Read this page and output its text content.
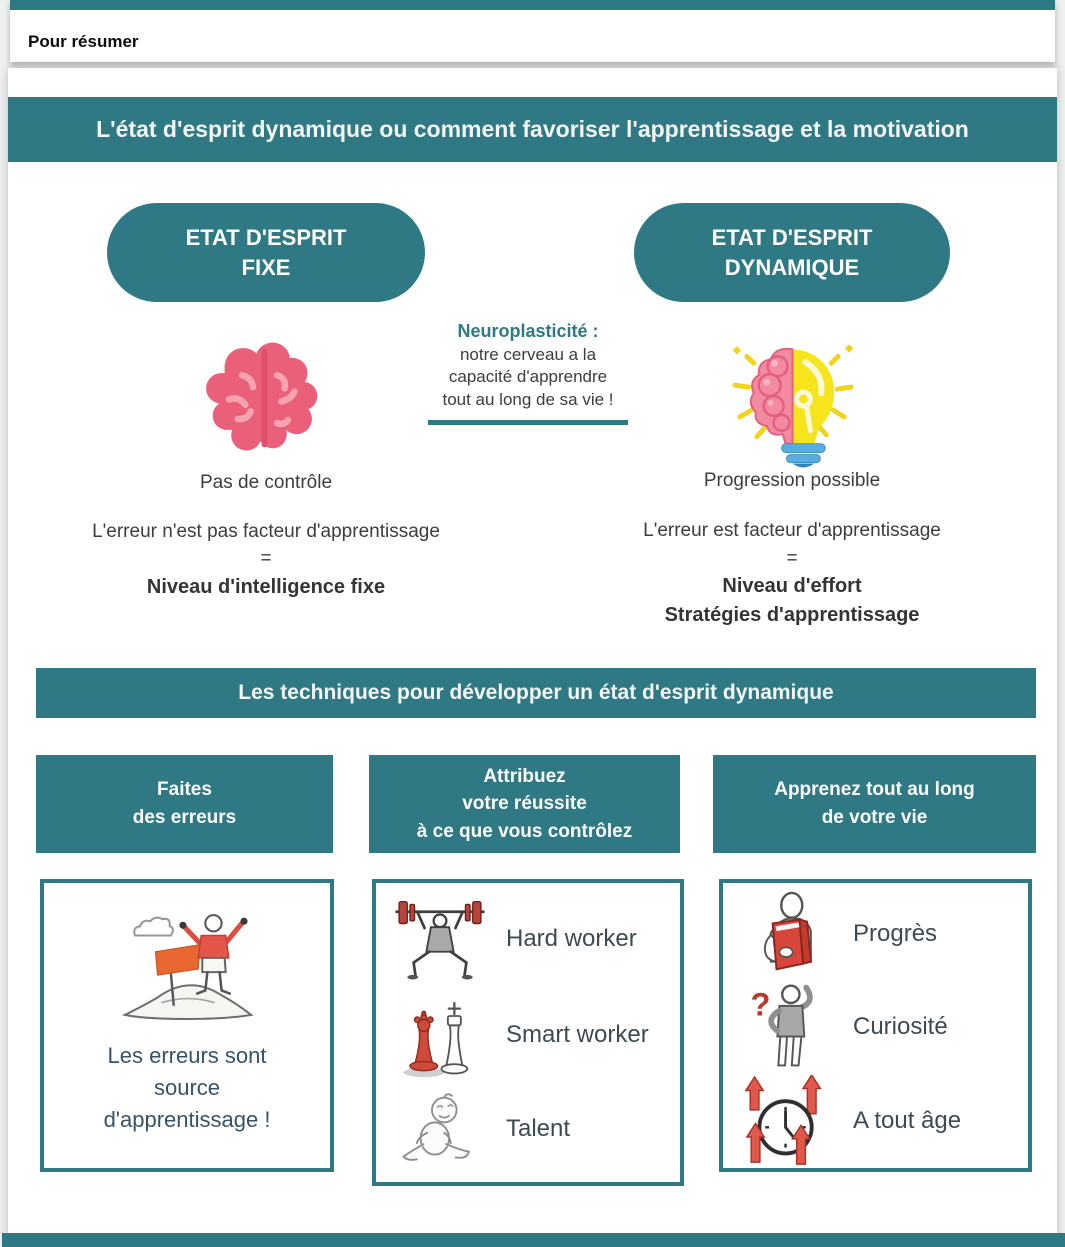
Pour résumer
L'état d'esprit dynamique ou comment favoriser l'apprentissage et la motivation
ETAT D'ESPRIT
FIXE
ETAT D'ESPRIT
DYNAMIQUE
Neuroplasticité :
notre cerveau a la
capacité d'apprendre
tout au long de sa vie !
Pas de contrôle
L'erreur n'est pas facteur d'apprentissage
=
Niveau d'intelligence fixe
Progression possible
L'erreur est facteur d'apprentissage
=
Niveau d'effort
Stratégies d'apprentissage
Les techniques pour développer un état d'esprit dynamique
Faites
des erreurs
Attribuez
votre réussite
à ce que vous contrôlez
Apprenez tout au long
de votre vie
Les erreurs sont
source
d'apprentissage !
Hard worker
Smart worker
Talent
Progrès
?
Curiosité
A tout âge
